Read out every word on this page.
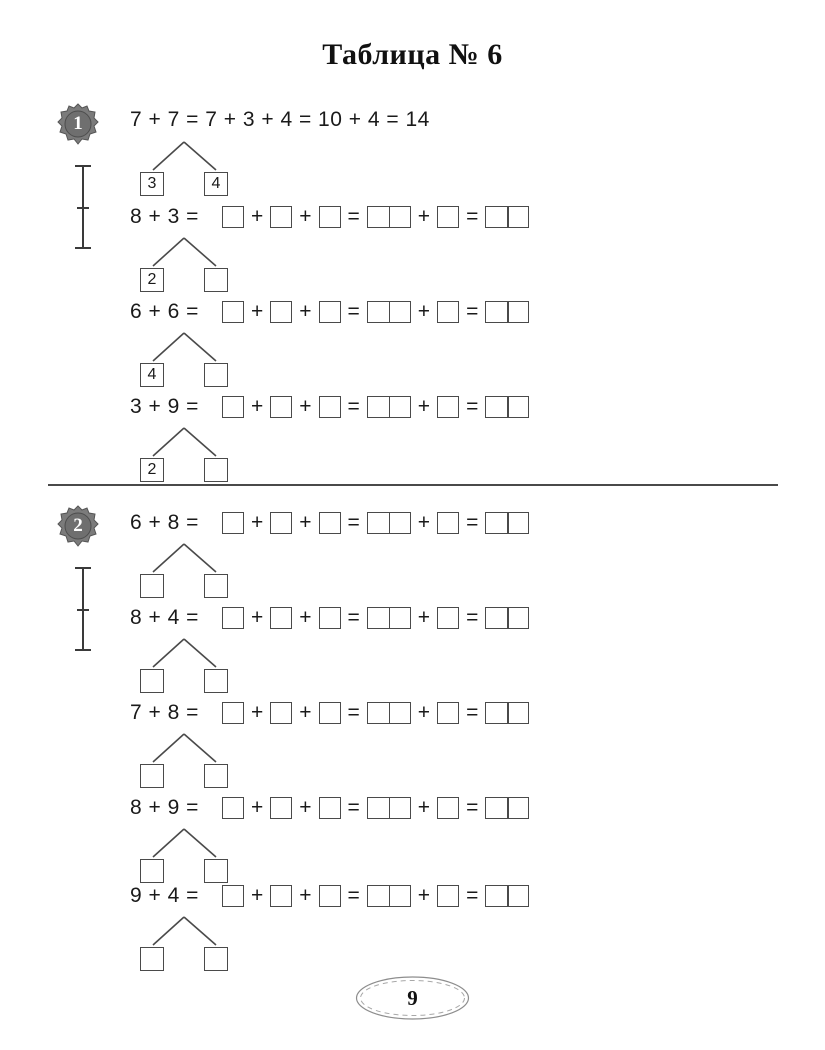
Таблица № 6
1	7 + 7 = 7 + 3 + 4 = 10 + 4 = 14
3	4
8 + 3 =	+	+	=	+	=
2
6 + 6 =	+	+	=	+	=
4
3 + 9 =	+	+	=	+	=
2
2	6 + 8 =	+	+	=	+	=
8 + 4 =	+	+	=	+	=
7 + 8 =	+	+	=	+	=
8 + 9 =	+	+	=	+	=
9 + 4 =	+	+	=	+	=
9
